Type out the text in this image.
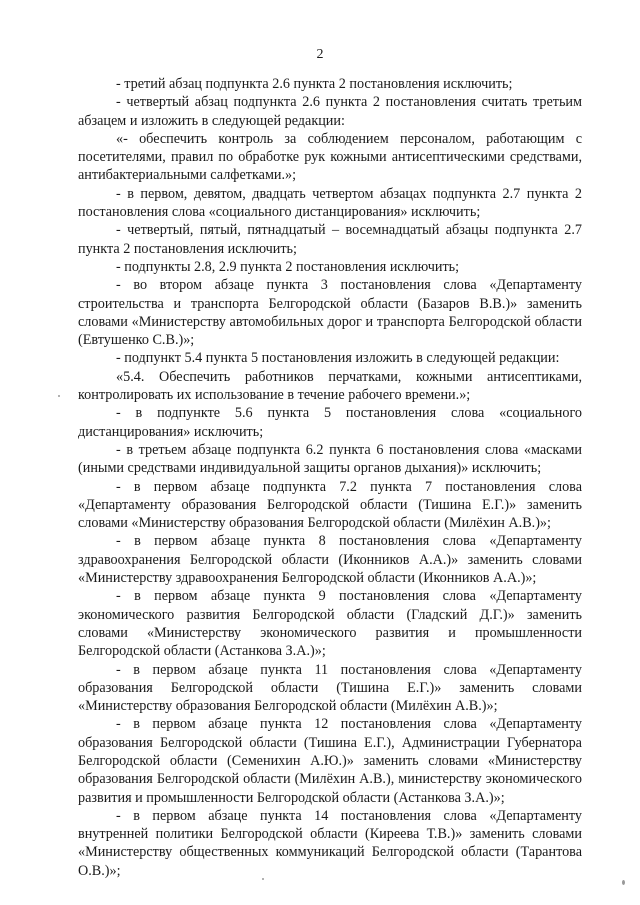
2

- третий абзац подпункта 2.6 пункта 2 постановления исключить;

- четвертый абзац подпункта 2.6 пункта 2 постановления считать третьим абзацем и изложить в следующей редакции:

«- обеспечить контроль за соблюдением персоналом, работающим с посетителями, правил по обработке рук кожными антисептическими средствами, антибактериальными салфетками.»;

- в первом, девятом, двадцать четвертом абзацах подпункта 2.7 пункта 2 постановления слова «социального дистанцирования» исключить;

- четвертый, пятый, пятнадцатый – восемнадцатый абзацы подпункта 2.7 пункта 2 постановления исключить;

- подпункты 2.8, 2.9 пункта 2 постановления исключить;

- во втором абзаце пункта 3 постановления слова «Департаменту строительства и транспорта Белгородской области (Базаров В.В.)» заменить словами «Министерству автомобильных дорог и транспорта Белгородской области (Евтушенко С.В.)»;

- подпункт 5.4 пункта 5 постановления изложить в следующей редакции:

«5.4. Обеспечить работников перчатками, кожными антисептиками, контролировать их использование в течение рабочего времени.»;

- в подпункте 5.6 пункта 5 постановления слова «социального дистанцирования» исключить;

- в третьем абзаце подпункта 6.2 пункта 6 постановления слова «масками (иными средствами индивидуальной защиты органов дыхания)» исключить;

- в первом абзаце подпункта 7.2 пункта 7 постановления слова «Департаменту образования Белгородской области (Тишина Е.Г.)» заменить словами «Министерству образования Белгородской области (Милёхин А.В.)»;

- в первом абзаце пункта 8 постановления слова «Департаменту здравоохранения Белгородской области (Иконников А.А.)» заменить словами «Министерству здравоохранения Белгородской области (Иконников А.А.)»;

- в первом абзаце пункта 9 постановления слова «Департаменту экономического развития Белгородской области (Гладский Д.Г.)» заменить словами «Министерству экономического развития и промышленности Белгородской области (Астанкова З.А.)»;

- в первом абзаце пункта 11 постановления слова «Департаменту образования Белгородской области (Тишина Е.Г.)» заменить словами «Министерству образования Белгородской области (Милёхин А.В.)»;

- в первом абзаце пункта 12 постановления слова «Департаменту образования Белгородской области (Тишина Е.Г.), Администрации Губернатора Белгородской области (Семенихин А.Ю.)» заменить словами «Министерству образования Белгородской области (Милёхин А.В.), министерству экономического развития и промышленности Белгородской области (Астанкова З.А.)»;

- в первом абзаце пункта 14 постановления слова «Департаменту внутренней политики Белгородской области (Киреева Т.В.)» заменить словами «Министерству общественных коммуникаций Белгородской области (Тарантова О.В.)»;
